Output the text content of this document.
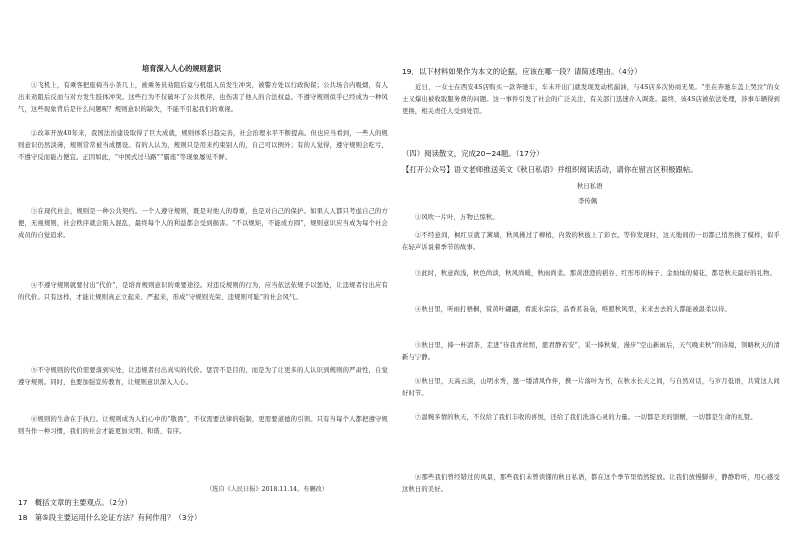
培育深入人心的规则意识

①飞机上，有乘客把座椅当小茶几上，被乘务员劝阻后竟与机组人员发生冲突，被警方处以行政拘留；公共场合内吸烟，有人出来劝阻后反而与对方发生肢体冲突。这些行为不仅破坏了公共秩序，也伤害了他人的合法权益。不遵守规则似乎已经成为一种风气，这些现象背后是什么问题呢？规则意识的缺失，不能不引起我们的重视。

②改革开放40年来，我国法治建设取得了巨大成就，规则体系日趋完善，社会治理水平不断提高。但也应当看到，一些人的规则意识仍然淡薄，规则常常被当成摆设。有的人认为，规则只是用来约束别人的，自己可以例外；有的人觉得，遵守规则会吃亏，不遵守反而能占便宜。正因如此，“中国式过马路”“霸座”等现象屡见不鲜。

③在现代社会，规则是一种公共契约。一个人遵守规则，既是对他人的尊重，也是对自己的保护。如果人人都只考虑自己的方便，无视规则，社会秩序就会陷入混乱，最终每个人的利益都会受到损害。“不以规矩，不能成方圆”，规则意识应当成为每个社会成员的自觉追求。

④不遵守规则就要付出“代价”，是培育规则意识的重要途径。对违反规则的行为，应当依法依规予以惩处，让违规者付出应有的代价。只有这样，才能让规则真正立起来、严起来，形成“守规则光荣、违规则可耻”的社会风气。

⑤不守规则的代价需要落到实处，让违规者付出真实的代价。惩罚不是目的，而是为了让更多的人认识到规则的严肃性，自觉遵守规则。同时，也要加强宣传教育，让规则意识深入人心。

⑥规则的生命在于执行。让规则成为人们心中的“敬畏”，不仅需要法律的强制，更需要道德的引领。只有当每个人都把遵守规则当作一种习惯，我们的社会才能更加文明、和谐、有序。

（选自《人民日报》2018.11.14，有删改）
17　概括文章的主要观点。（2分）
18　第⑤段主要运用什么论证方法？有何作用？（3分）
19．以下材料如果作为本文的论据，应该在哪一段？请简述理由。（4分）

近日，一女士在西安4S店购买一款奔驰车，车未开出门就发现发动机漏油，与4S店多次协商无果。“坐在奔驰车盖上哭泣”的女士又爆出被收取服务费的问题。这一事件引发了社会的广泛关注，有关部门迅速介入调查。最终，该4S店被依法处理，涉事车辆得到更换，相关责任人受到处罚。

（四）阅读散文，完成20~24题。（17分）
【打开公众号】语文老师推送美文《秋日私语》并组织阅读活动，请你在留言区积极跟帖。
秋日私语
李传佩

①风吹一片叶，万物已惊秋。

②不经意间，枫红豆就了篱墙，秋风拂过了柳梢，内敛的秋披上了彩衣。等你发现时，这天地间的一切都已悄然换了模样，似乎在轻声诉说着季节的故事。

③此时，秋意尚浅，秋色尚淡，秋风尚暖，秋雨尚柔。那黄澄澄的稻谷、红彤彤的柿子、金灿灿的菊花，都是秋天最好的礼物。

④秋日里，听雨打梧桐，赏黄叶翩翩，看流水淙淙，品香茗袅袅，唯愿秋风里，来来去去的人都能被温柔以待。

⑤秋日里，捧一杯清茶，走进“待我青丝绾，愿君静若安”，采一捧秋菊，漫步“空山新雨后，天气晚来秋”的诗境，领略秋天的清新与宁静。

⑥秋日里，天高云淡，山明水秀，邀一缕清风作伴，携一片落叶为书，在秋水长天之间，与自然对话，与岁月低语，共赏这人间好时节。

⑦温婉多情的秋天，不仅给了我们丰收的喜悦，还给了我们洗涤心灵的力量。一切都是美的馈赠，一切都是生命的礼赞。

⑧那些我们曾经错过的风景，那些我们未曾读懂的秋日私语，都在这个季节里悄然绽放。让我们放慢脚步，静静聆听，用心感受这秋日的美好。
